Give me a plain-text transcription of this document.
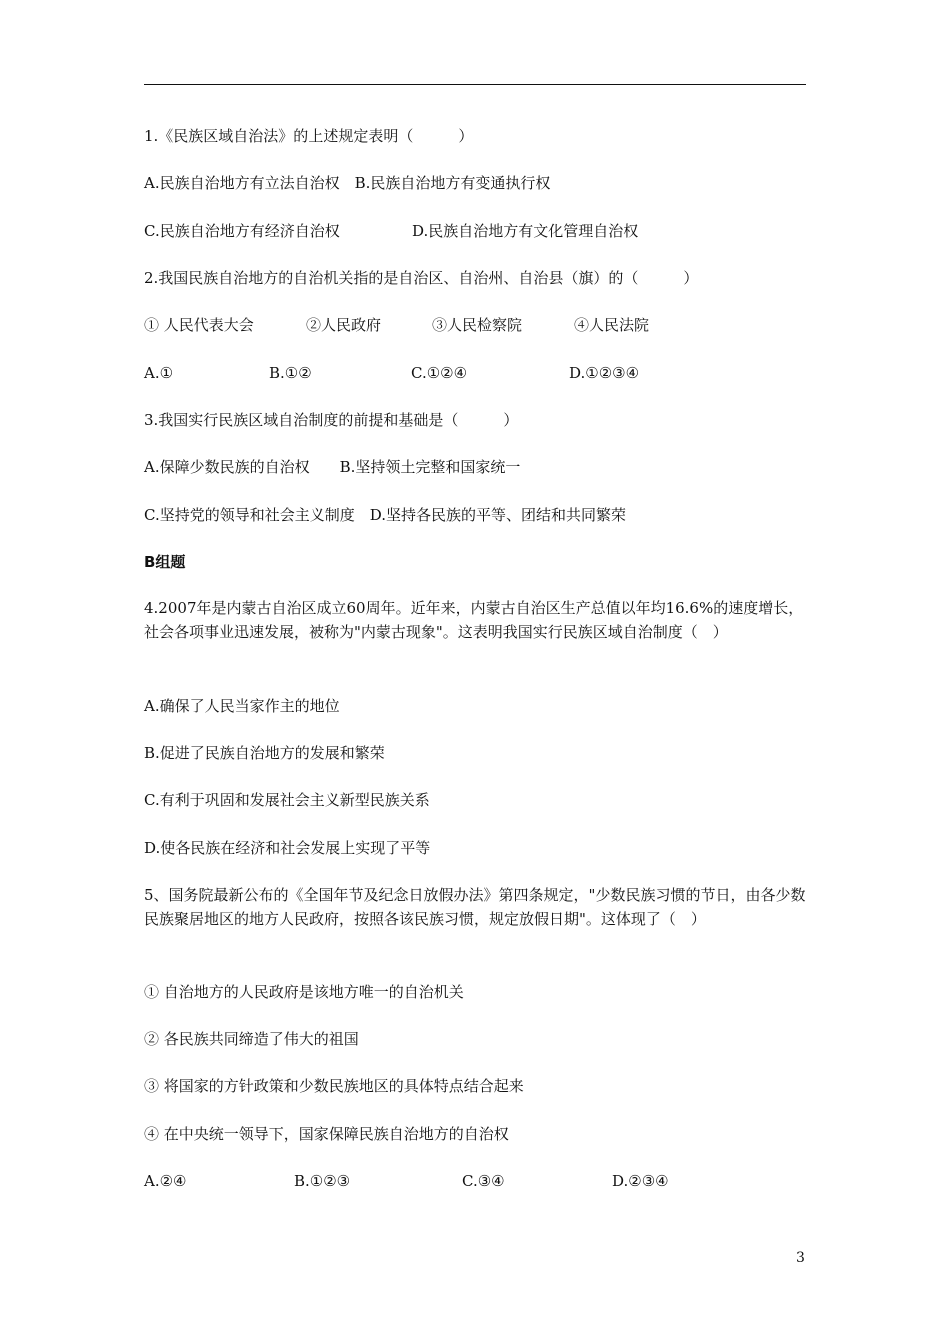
1.《民族区域自治法》的上述规定表明（　　　）
A.民族自治地方有立法自治权　B.民族自治地方有变通执行权
C.民族自治地方有经济自治权	D.民族自治地方有文化管理自治权
2.我国民族自治地方的自治机关指的是自治区、自治州、自治县（旗）的（　　　）
① 人民代表大会	②人民政府	③人民检察院	④人民法院
A.①	B.①②	C.①②④	D.①②③④
3.我国实行民族区域自治制度的前提和基础是（　　　）
A.保障少数民族的自治权　　B.坚持领土完整和国家统一
C.坚持党的领导和社会主义制度　D.坚持各民族的平等、团结和共同繁荣
B组题
4.2007年是内蒙古自治区成立60周年。近年来，内蒙古自治区生产总值以年均16.6%的速度增长，社会各项事业迅速发展，被称为"内蒙古现象"。这表明我国实行民族区域自治制度（　）
A.确保了人民当家作主的地位
B.促进了民族自治地方的发展和繁荣
C.有利于巩固和发展社会主义新型民族关系
D.使各民族在经济和社会发展上实现了平等
5、国务院最新公布的《全国年节及纪念日放假办法》第四条规定，"少数民族习惯的节日，由各少数民族聚居地区的地方人民政府，按照各该民族习惯，规定放假日期"。这体现了（　）
① 自治地方的人民政府是该地方唯一的自治机关
② 各民族共同缔造了伟大的祖国
③ 将国家的方针政策和少数民族地区的具体特点结合起来
④ 在中央统一领导下，国家保障民族自治地方的自治权
A.②④	B.①②③	C.③④	D.②③④
3
